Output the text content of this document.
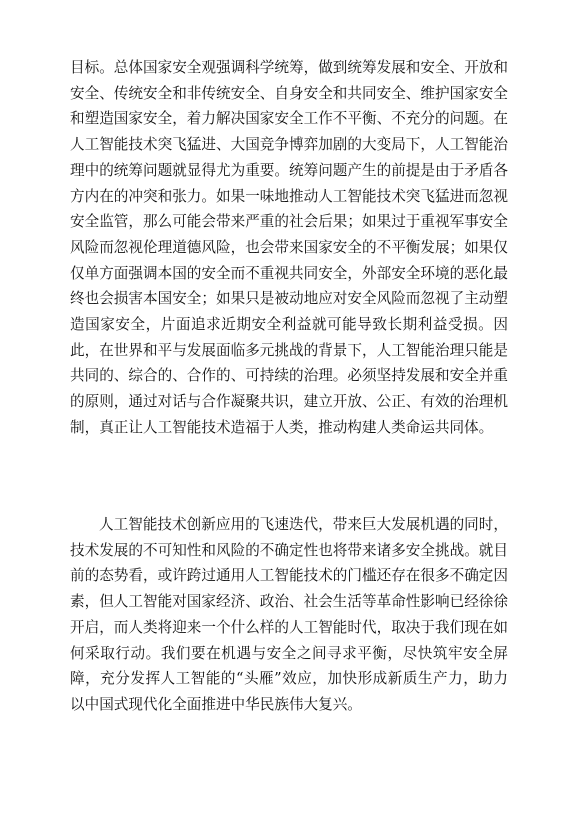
目标。总体国家安全观强调科学统筹，做到统筹发展和安全、开放和安全、传统安全和非传统安全、自身安全和共同安全、维护国家安全和塑造国家安全，着力解决国家安全工作不平衡、不充分的问题。在人工智能技术突飞猛进、大国竞争博弈加剧的大变局下，人工智能治理中的统筹问题就显得尤为重要。统筹问题产生的前提是由于矛盾各方内在的冲突和张力。如果一味地推动人工智能技术突飞猛进而忽视安全监管，那么可能会带来严重的社会后果；如果过于重视军事安全风险而忽视伦理道德风险，也会带来国家安全的不平衡发展；如果仅仅单方面强调本国的安全而不重视共同安全，外部安全环境的恶化最终也会损害本国安全；如果只是被动地应对安全风险而忽视了主动塑造国家安全，片面追求近期安全利益就可能导致长期利益受损。因此，在世界和平与发展面临多元挑战的背景下，人工智能治理只能是共同的、综合的、合作的、可持续的治理。必须坚持发展和安全并重的原则，通过对话与合作凝聚共识，建立开放、公正、有效的治理机制，真正让人工智能技术造福于人类，推动构建人类命运共同体。

人工智能技术创新应用的飞速迭代，带来巨大发展机遇的同时，技术发展的不可知性和风险的不确定性也将带来诸多安全挑战。就目前的态势看，或许跨过通用人工智能技术的门槛还存在很多不确定因素，但人工智能对国家经济、政治、社会生活等革命性影响已经徐徐开启，而人类将迎来一个什么样的人工智能时代，取决于我们现在如何采取行动。我们要在机遇与安全之间寻求平衡，尽快筑牢安全屏障，充分发挥人工智能的“头雁”效应，加快形成新质生产力，助力以中国式现代化全面推进中华民族伟大复兴。
